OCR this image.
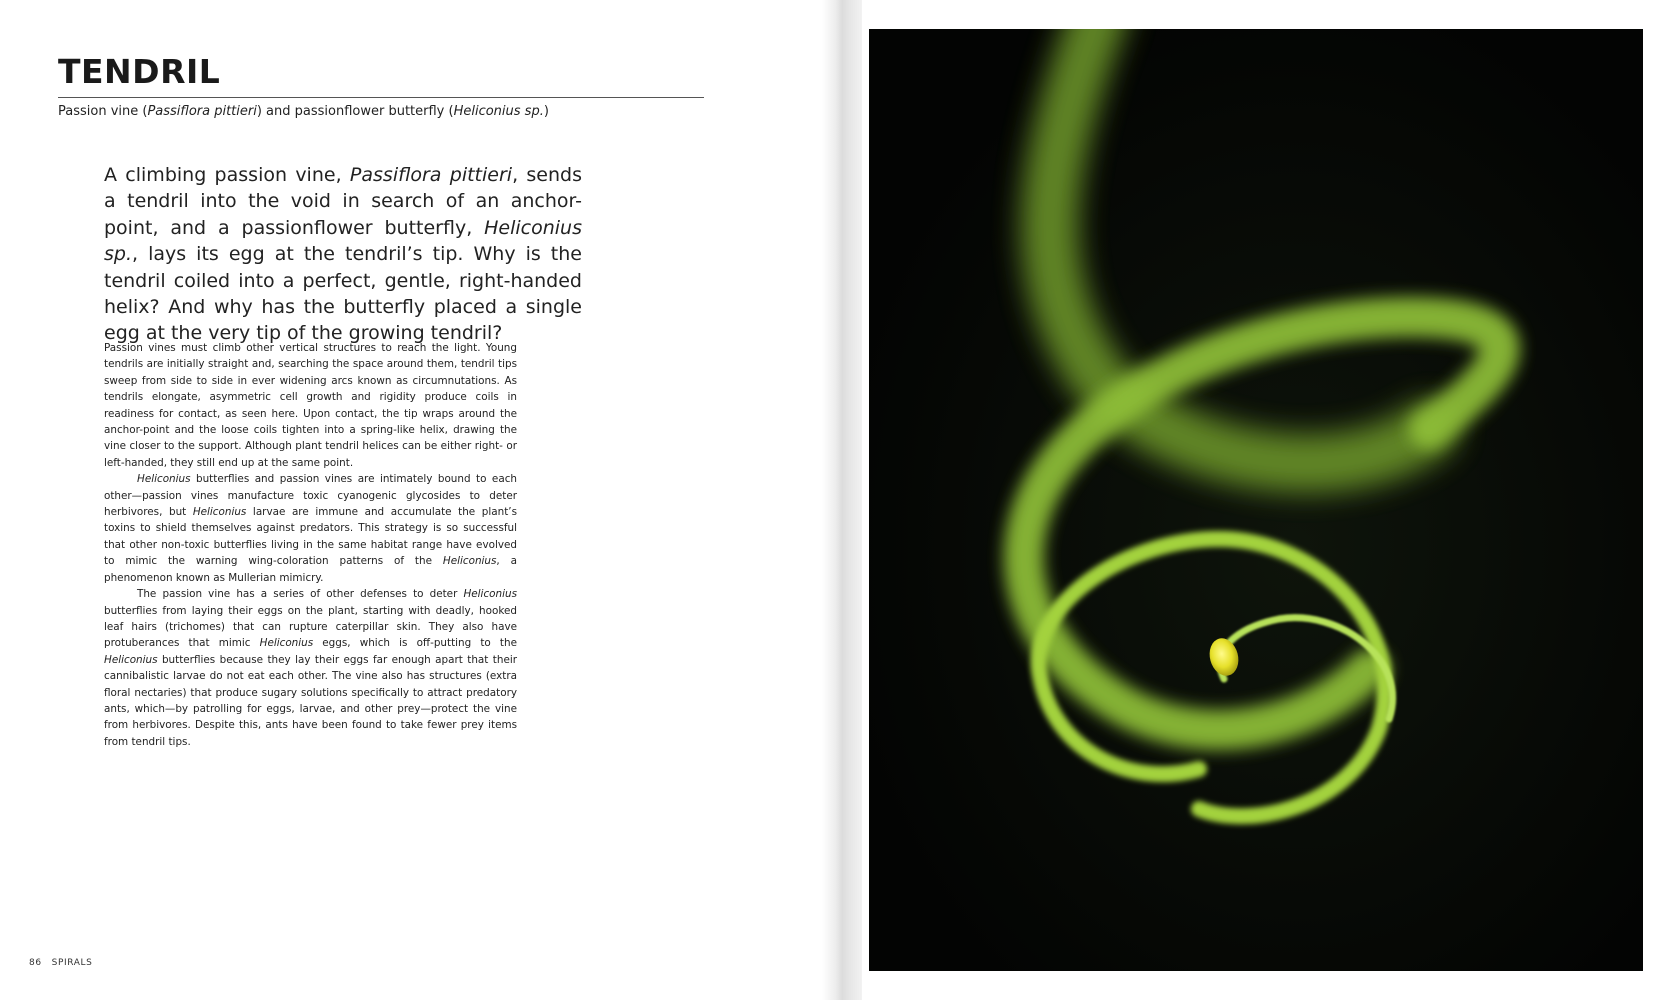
TENDRIL
Passion vine (Passiflora pittieri) and passionflower butterfly (Heliconius sp.)

A climbing passion vine, Passiflora pittieri, sends a tendril into the void in search of an anchor-point, and a passionflower butterfly, Heliconius sp., lays its egg at the tendril’s tip. Why is the tendril coiled into a perfect, gentle, right-handed helix? And why has the butterfly placed a single egg at the very tip of the growing tendril?

Passion vines must climb other vertical structures to reach the light. Young tendrils are initially straight and, searching the space around them, tendril tips sweep from side to side in ever widening arcs known as circumnutations. As tendrils elongate, asymmetric cell growth and rigidity produce coils in readiness for contact, as seen here. Upon contact, the tip wraps around the anchor-point and the loose coils tighten into a spring-like helix, drawing the vine closer to the support. Although plant tendril helices can be either right- or left-handed, they still end up at the same point.

Heliconius butterflies and passion vines are intimately bound to each other—passion vines manufacture toxic cyanogenic glycosides to deter herbivores, but Heliconius larvae are immune and accumulate the plant’s toxins to shield themselves against predators. This strategy is so successful that other non-toxic butterflies living in the same habitat range have evolved to mimic the warning wing-coloration patterns of the Heliconius, a phenomenon known as Mullerian mimicry.

The passion vine has a series of other defenses to deter Heliconius butterflies from laying their eggs on the plant, starting with deadly, hooked leaf hairs (trichomes) that can rupture caterpillar skin. They also have protuberances that mimic Heliconius eggs, which is off-putting to the Heliconius butterflies because they lay their eggs far enough apart that their cannibalistic larvae do not eat each other. The vine also has structures (extra floral nectaries) that produce sugary solutions specifically to attract predatory ants, which—by patrolling for eggs, larvae, and other prey—protect the vine from herbivores. Despite this, ants have been found to take fewer prey items from tendril tips.

86 SPIRALS
